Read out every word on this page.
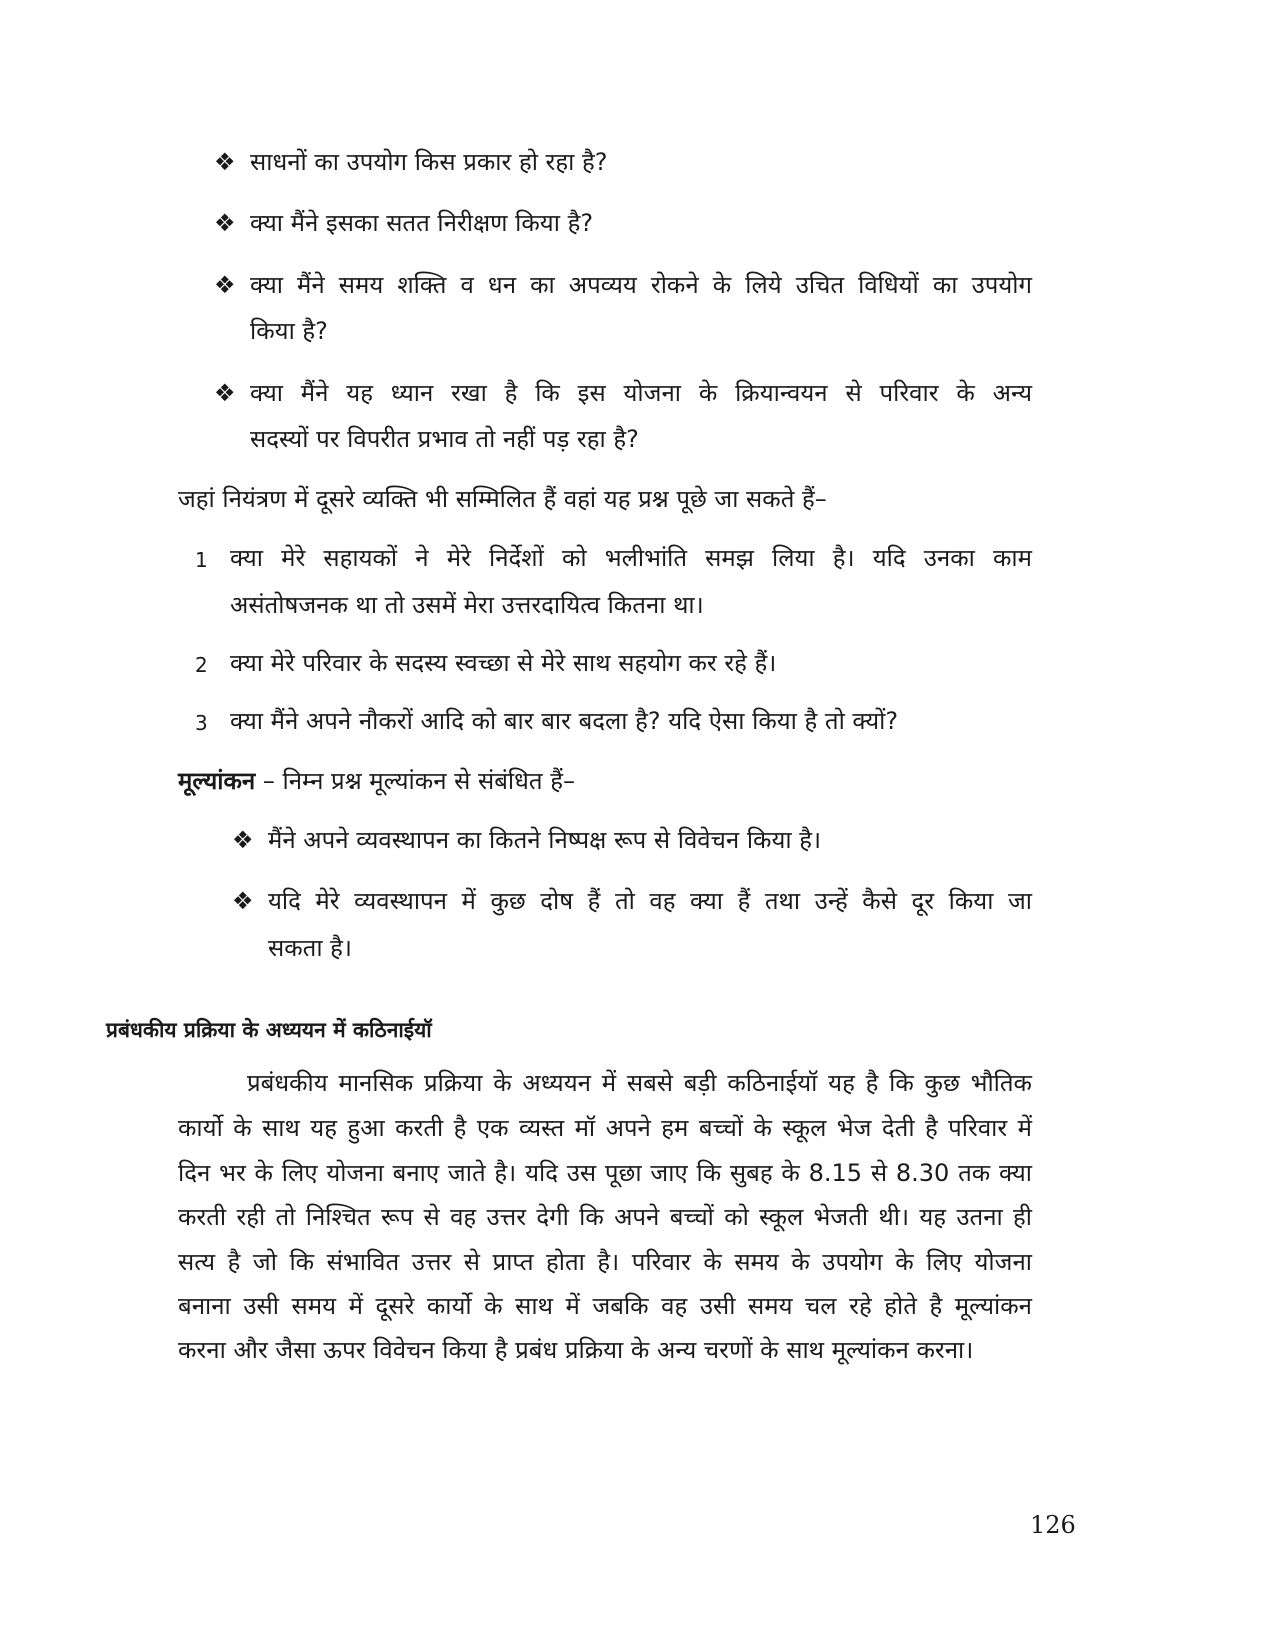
❖ साधनों का उपयोग किस प्रकार हो रहा है?
❖ क्या मैंने इसका सतत निरीक्षण किया है?
❖ क्या मैंने समय शक्ति व धन का अपव्यय रोकने के लिये उचित विधियों का उपयोग
किया है?
❖ क्या मैंने यह ध्यान रखा है कि इस योजना के क्रियान्वयन से परिवार के अन्य
सदस्यों पर विपरीत प्रभाव तो नहीं पड़ रहा है?
जहां नियंत्रण में दूसरे व्यक्ति भी सम्मिलित हैं वहां यह प्रश्न पूछे जा सकते हैं–
1 क्या मेरे सहायकों ने मेरे निर्देशों को भलीभांति समझ लिया है। यदि उनका काम
असंतोषजनक था तो उसमें मेरा उत्तरदायित्व कितना था।
2 क्या मेरे परिवार के सदस्य स्वच्छा से मेरे साथ सहयोग कर रहे हैं।
3 क्या मैंने अपने नौकरों आदि को बार बार बदला है? यदि ऐसा किया है तो क्यों?
मूल्यांकन – निम्न प्रश्न मूल्यांकन से संबंधित हैं–
❖ मैंने अपने व्यवस्थापन का कितने निष्पक्ष रूप से विवेचन किया है।
❖ यदि मेरे व्यवस्थापन में कुछ दोष हैं तो वह क्या हैं तथा उन्हें कैसे दूर किया जा
सकता है।
प्रबंधकीय प्रक्रिया के अध्ययन में कठिनाईयॉ
प्रबंधकीय मानसिक प्रक्रिया के अध्ययन में सबसे बड़ी कठिनाईयॉ यह है कि कुछ भौतिक
कार्यो के साथ यह हुआ करती है एक व्यस्त मॉ अपने हम बच्चों के स्कूल भेज देती है परिवार में
दिन भर के लिए योजना बनाए जाते है। यदि उस पूछा जाए कि सुबह के 8.15 से 8.30 तक क्या
करती रही तो निश्चित रूप से वह उत्तर देगी कि अपने बच्चों को स्कूल भेजती थी। यह उतना ही
सत्य है जो कि संभावित उत्तर से प्राप्त होता है। परिवार के समय के उपयोग के लिए योजना
बनाना उसी समय में दूसरे कार्यो के साथ में जबकि वह उसी समय चल रहे होते है मूल्यांकन
करना और जैसा ऊपर विवेचन किया है प्रबंध प्रक्रिया के अन्य चरणों के साथ मूल्यांकन करना।
126
